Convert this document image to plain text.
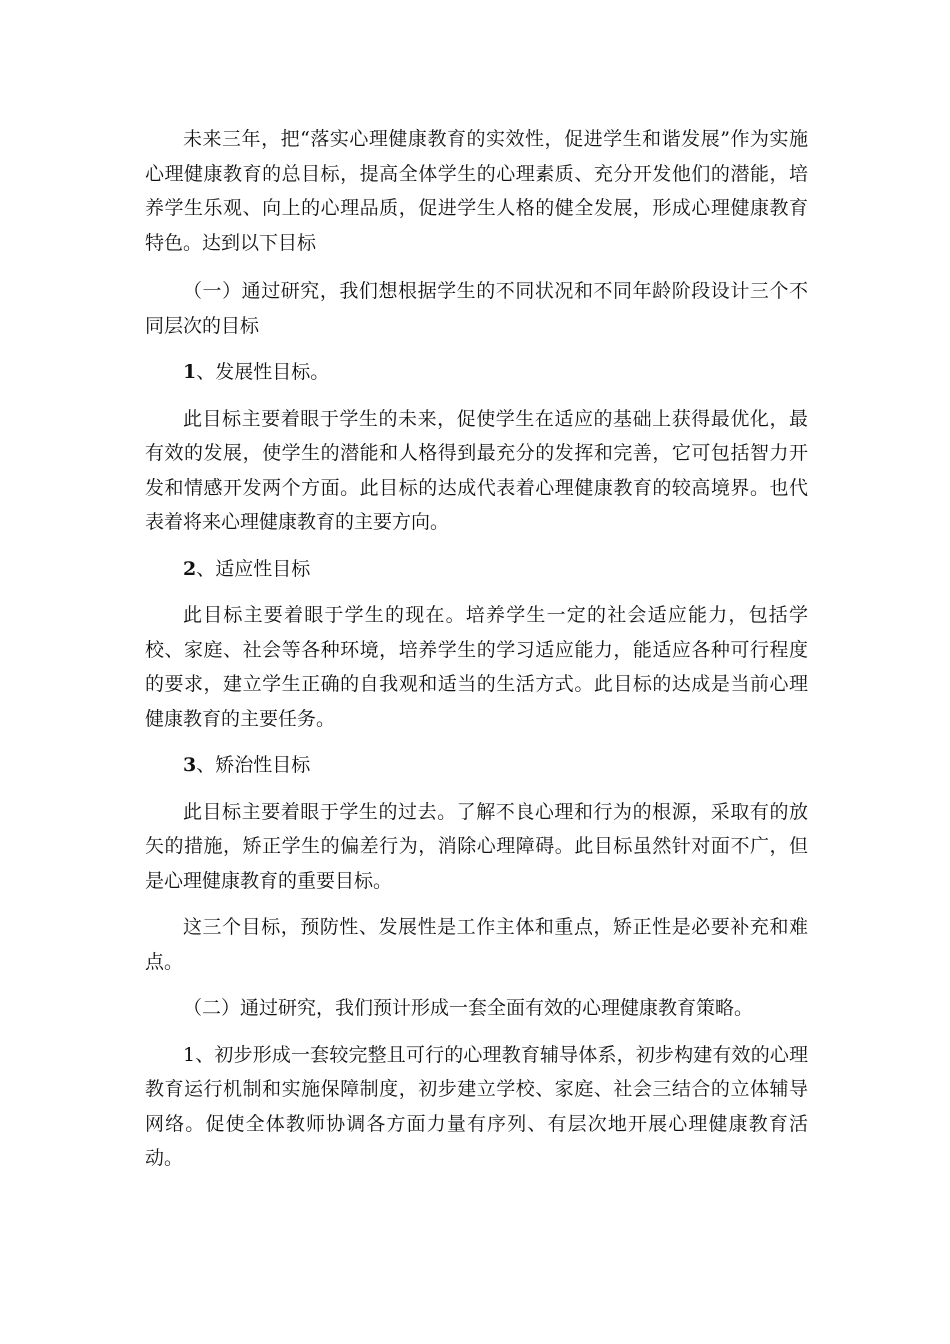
未来三年，把“落实心理健康教育的实效性，促进学生和谐发展”作为实施心理健康教育的总目标，提高全体学生的心理素质、充分开发他们的潜能，培养学生乐观、向上的心理品质，促进学生人格的健全发展，形成心理健康教育特色。达到以下目标

（一）通过研究，我们想根据学生的不同状况和不同年龄阶段设计三个不同层次的目标

1、发展性目标。

此目标主要着眼于学生的未来，促使学生在适应的基础上获得最优化，最有效的发展，使学生的潜能和人格得到最充分的发挥和完善，它可包括智力开发和情感开发两个方面。此目标的达成代表着心理健康教育的较高境界。也代表着将来心理健康教育的主要方向。

2、适应性目标

此目标主要着眼于学生的现在。培养学生一定的社会适应能力，包括学校、家庭、社会等各种环境，培养学生的学习适应能力，能适应各种可行程度的要求，建立学生正确的自我观和适当的生活方式。此目标的达成是当前心理健康教育的主要任务。

3、矫治性目标

此目标主要着眼于学生的过去。了解不良心理和行为的根源，采取有的放矢的措施，矫正学生的偏差行为，消除心理障碍。此目标虽然针对面不广，但是心理健康教育的重要目标。

这三个目标，预防性、发展性是工作主体和重点，矫正性是必要补充和难点。

（二）通过研究，我们预计形成一套全面有效的心理健康教育策略。

1、初步形成一套较完整且可行的心理教育辅导体系，初步构建有效的心理教育运行机制和实施保障制度，初步建立学校、家庭、社会三结合的立体辅导网络。促使全体教师协调各方面力量有序列、有层次地开展心理健康教育活动。
